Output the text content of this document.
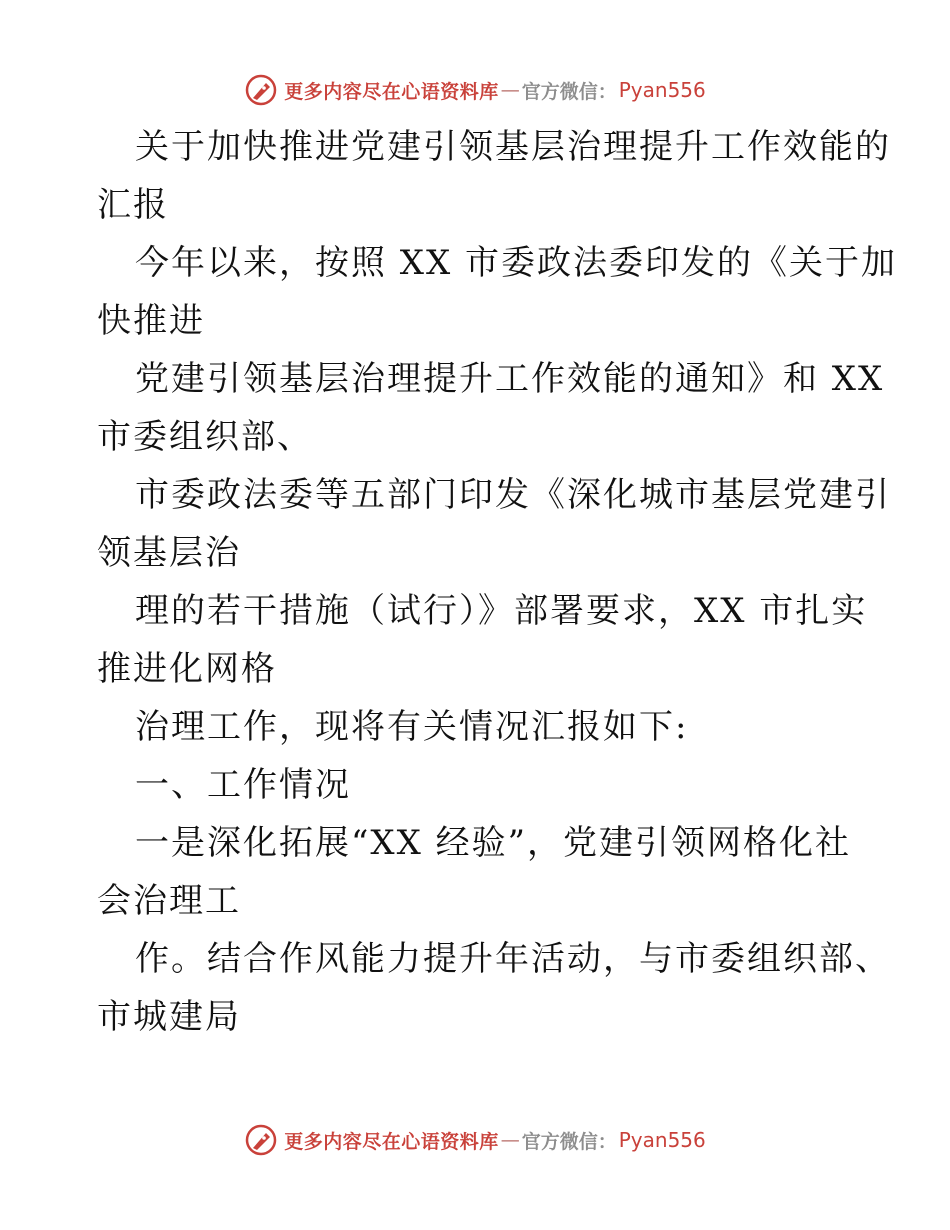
更多内容尽在心语资料库 — 官方微信： Pyan556
关于加快推进党建引领基层治理提升工作效能的
汇报
今年以来，按照 XX 市委政法委印发的《关于加
快推进
党建引领基层治理提升工作效能的通知》和 XX
市委组织部、
市委政法委等五部门印发《深化城市基层党建引
领基层治
理的若干措施（试行）》部署要求，XX 市扎实
推进化网格
治理工作，现将有关情况汇报如下:
一、工作情况
一是深化拓展“XX 经验”，党建引领网格化社
会治理工
作。结合作风能力提升年活动，与市委组织部、
市城建局
更多内容尽在心语资料库 — 官方微信： Pyan556
